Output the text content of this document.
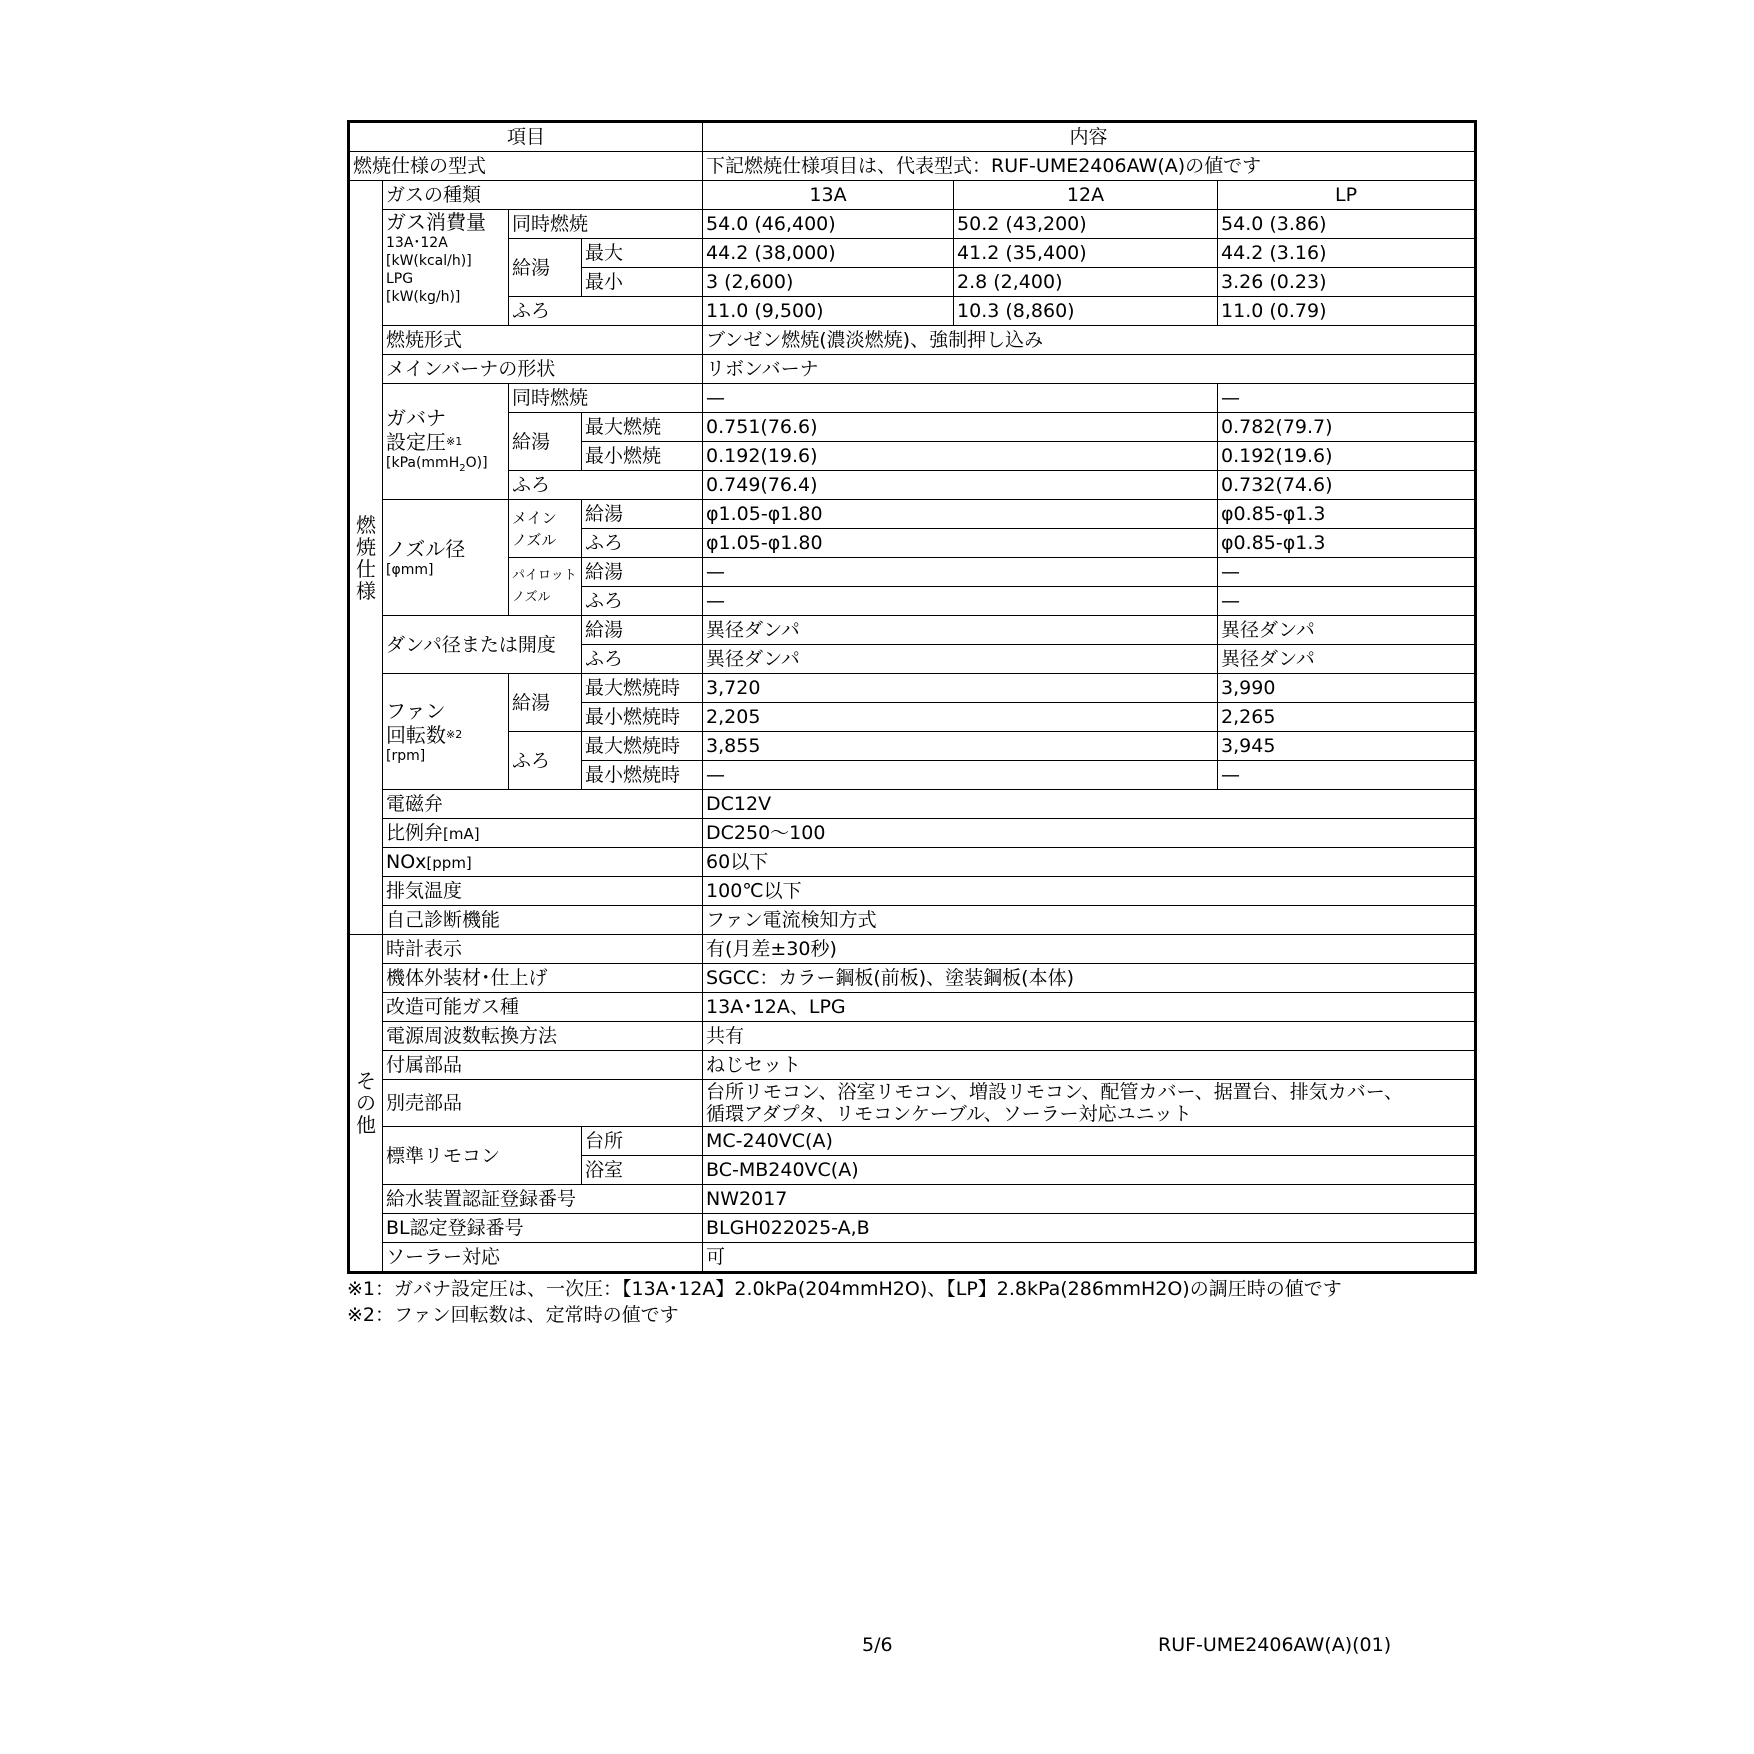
項目				内容		
燃焼仕様の型式				下記燃焼仕様項目は、代表型式：RUF-UME2406AW(A)の値です		
燃焼仕様	ガスの種類			13A	12A	LP

	ガス消費量
13A･12A
[kW(kcal/h)]
LPG
[kW(kg/h)]	同時燃焼		54.0 (46,400)	50.2 (43,200)	54.0 (3.86)
		給湯	最大	44.2 (38,000)	41.2 (35,400)	44.2 (3.16)
			最小	3 (2,600)	2.8 (2,400)	3.26 (0.23)
		ふろ		11.0 (9,500)	10.3 (8,860)	11.0 (0.79)
	燃焼形式			ブンゼン燃焼(濃淡燃焼)、強制押し込み		
	メインバーナの形状			リボンバーナ		

	ガバナ
設定圧$^{※1}$
[kPa(mmH$_2$O)]	同時燃焼		—		—
		給湯	最大燃焼	0.751(76.6)		0.782(79.7)
			最小燃焼	0.192(19.6)		0.192(19.6)
		ふろ		0.749(76.4)		0.732(74.6)

	ノズル径
[φmm]	メイン
ノズル	給湯	φ1.05-φ1.80		φ0.85-φ1.3
			ふろ	φ1.05-φ1.80		φ0.85-φ1.3

		パイロット
ノズル	給湯	—		—
			ふろ	—		—
	ダンパ径または開度		給湯	異径ダンパ		異径ダンパ
			ふろ	異径ダンパ		異径ダンパ

	ファン
回転数$^{※2}$
[rpm]	給湯	最大燃焼時	3,720		3,990
			最小燃焼時	2,205		2,265
		ふろ	最大燃焼時	3,855		3,945
			最小燃焼時	—		—
	電磁弁			DC12V		
	比例弁[mA]			DC250～100		
	NOx[ppm]			60以下		
	排気温度			100℃以下		
	自己診断機能			ファン電流検知方式		
その他	時計表示			有(月差±30秒)		
	機体外装材･仕上げ			SGCC：カラー鋼板(前板)、塗装鋼板(本体)		
	改造可能ガス種			13A･12A、LPG		
	電源周波数転換方法			共有		
	付属部品			ねじセット		
	別売部品			台所リモコン、浴室リモコン、増設リモコン、配管カバー、据置台、排気カバー、
循環アダプタ、リモコンケーブル、ソーラー対応ユニット		

	標準リモコン		台所	MC-240VC(A)		
			浴室	BC-MB240VC(A)		
	給水装置認証登録番号			NW2017		
	BL認定登録番号			BLGH022025-A,B		
	ソーラー対応			可		
※1：ガバナ設定圧は、一次圧：【13A･12A】2.0kPa(204mmH2O)、【LP】2.8kPa(286mmH2O)の調圧時の値です
※2：ファン回転数は、定常時の値です
5/6	RUF-UME2406AW(A)(01)
